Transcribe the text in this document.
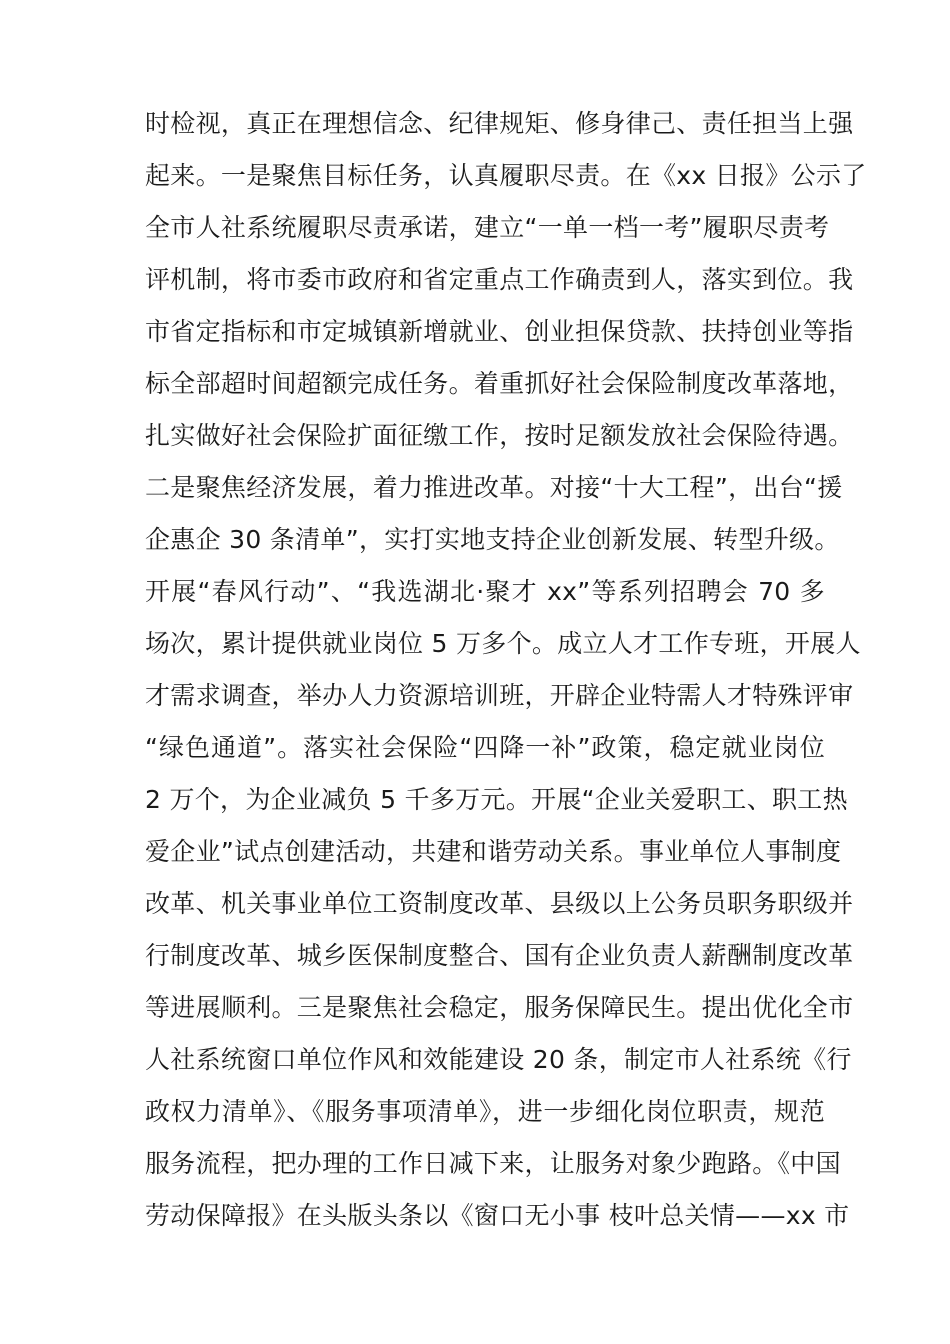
时检视，真正在理想信念、纪律规矩、修身律己、责任担当上强
起来。一是聚焦目标任务，认真履职尽责。在《xx 日报》公示了
全市人社系统履职尽责承诺，建立“一单一档一考”履职尽责考
评机制，将市委市政府和省定重点工作确责到人，落实到位。我
市省定指标和市定城镇新增就业、创业担保贷款、扶持创业等指
标全部超时间超额完成任务。着重抓好社会保险制度改革落地，
扎实做好社会保险扩面征缴工作，按时足额发放社会保险待遇。
二是聚焦经济发展，着力推进改革。对接“十大工程”，出台“援
企惠企 30 条清单”，实打实地支持企业创新发展、转型升级。
开展“春风行动”、“我选湖北·聚才 xx”等系列招聘会 70 多
场次，累计提供就业岗位 5 万多个。成立人才工作专班，开展人
才需求调查，举办人力资源培训班，开辟企业特需人才特殊评审
“绿色通道”。落实社会保险“四降一补”政策，稳定就业岗位
2 万个，为企业减负 5 千多万元。开展“企业关爱职工、职工热
爱企业”试点创建活动，共建和谐劳动关系。事业单位人事制度
改革、机关事业单位工资制度改革、县级以上公务员职务职级并
行制度改革、城乡医保制度整合、国有企业负责人薪酬制度改革
等进展顺利。三是聚焦社会稳定，服务保障民生。提出优化全市
人社系统窗口单位作风和效能建设 20 条，制定市人社系统《行
政权力清单》、《服务事项清单》，进一步细化岗位职责，规范
服务流程，把办理的工作日减下来，让服务对象少跑路。《中国
劳动保障报》在头版头条以《窗口无小事 枝叶总关情——xx 市
